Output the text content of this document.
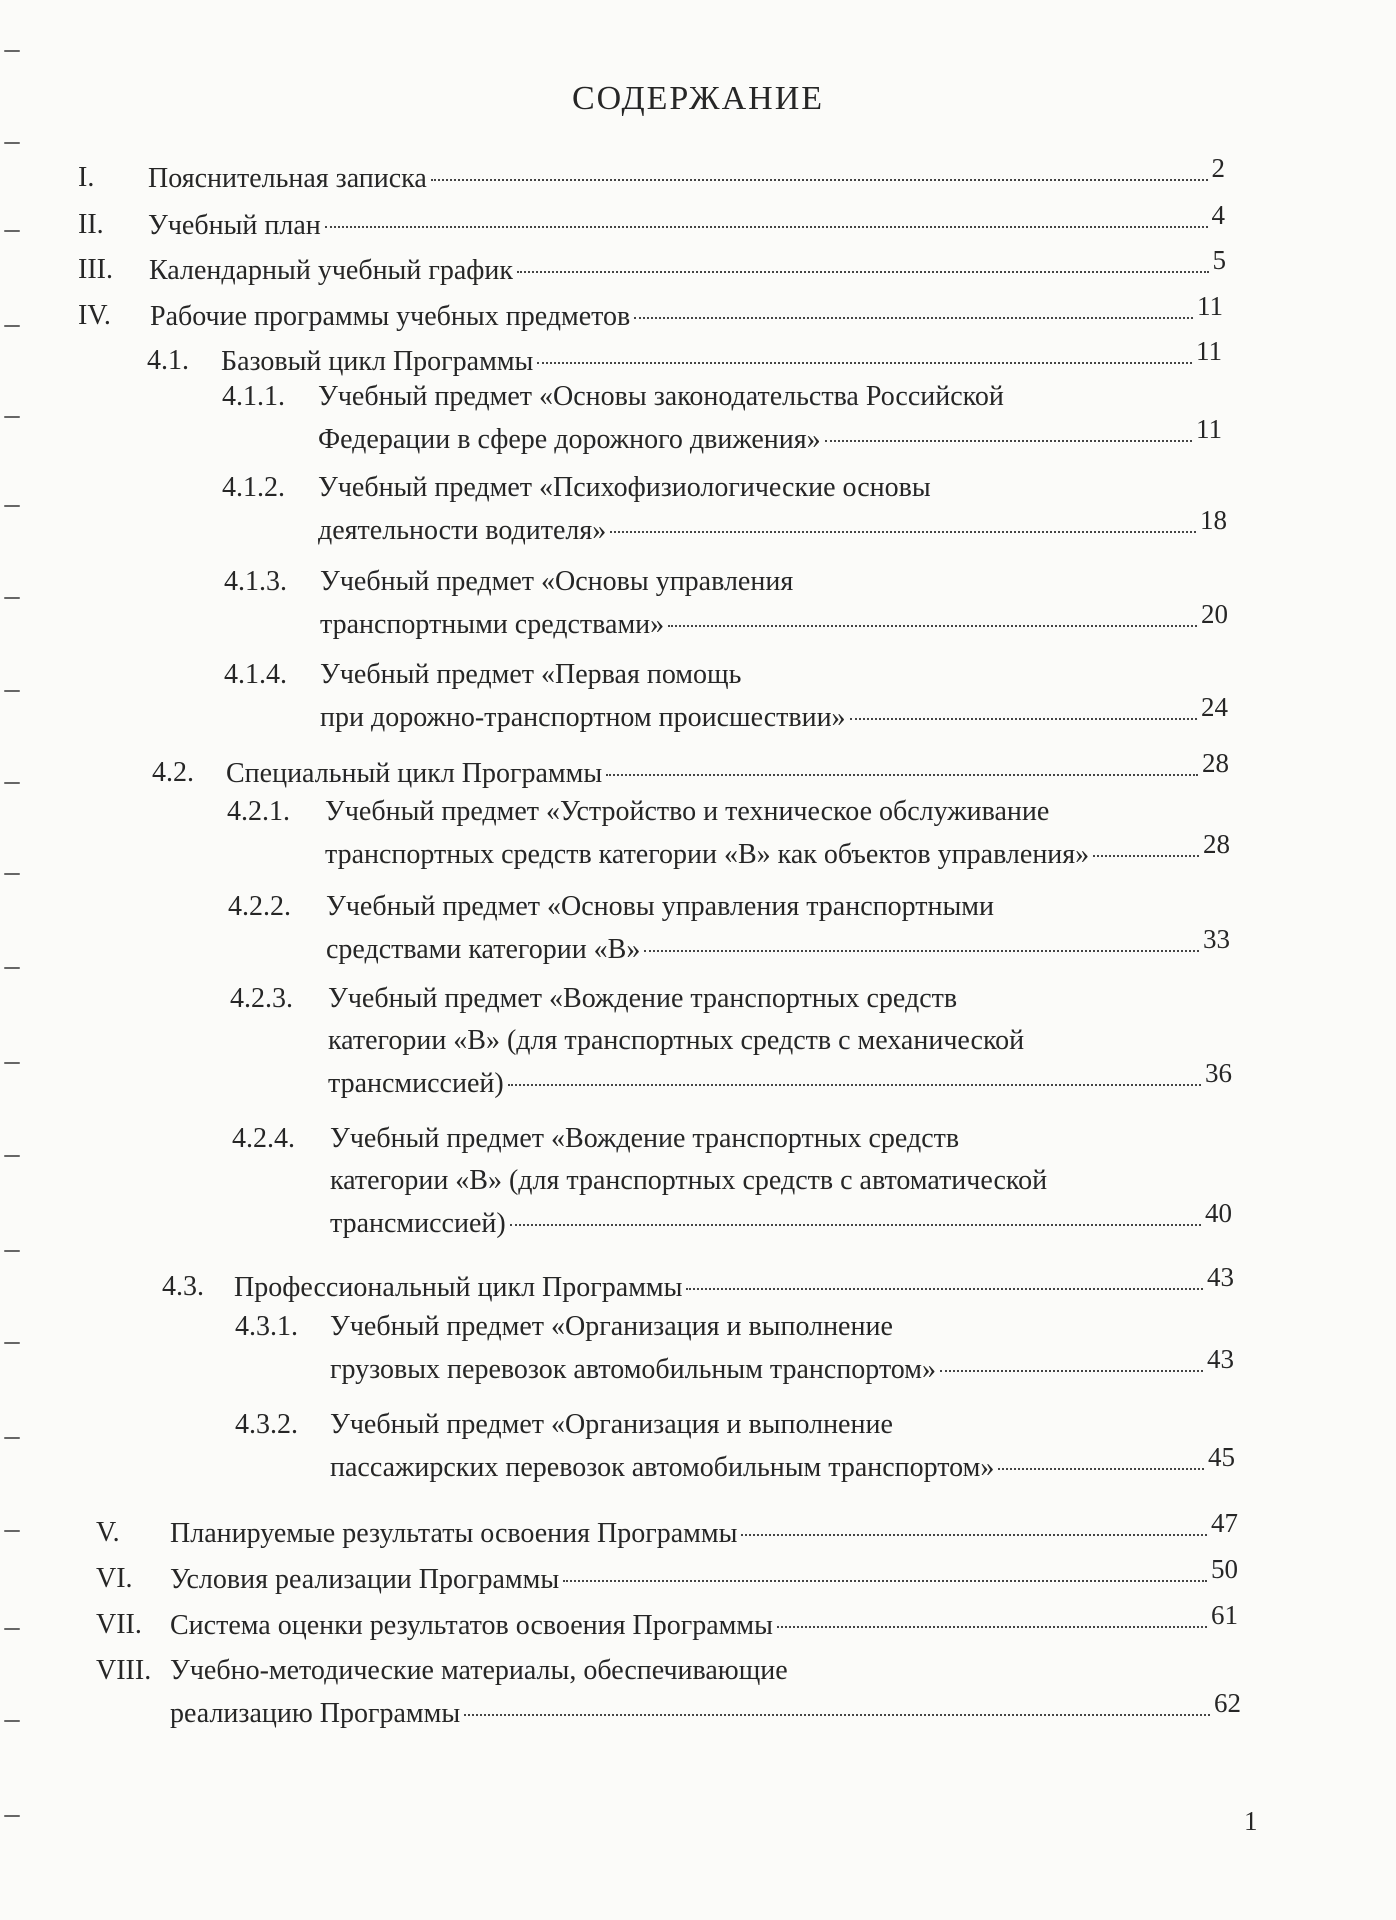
СОДЕРЖАНИЕ
I. Пояснительная записка	2
II. Учебный план	4
III. Календарный учебный график	5
IV. Рабочие программы учебных предметов	11
4.1. Базовый цикл Программы	11
4.1.1. Учебный предмет «Основы законодательства Российской
Федерации в сфере дорожного движения»	11
4.1.2. Учебный предмет «Психофизиологические основы
деятельности водителя»	18
4.1.3. Учебный предмет «Основы управления
транспортными средствами»	20
4.1.4. Учебный предмет «Первая помощь
при дорожно-транспортном происшествии»	24
4.2. Специальный цикл Программы	28
4.2.1. Учебный предмет «Устройство и техническое обслуживание
транспортных средств категории «В» как объектов управления»	28
4.2.2. Учебный предмет «Основы управления транспортными
средствами категории «В»	33
4.2.3. Учебный предмет «Вождение транспортных средств
категории «В» (для транспортных средств с механической
трансмиссией)	36
4.2.4. Учебный предмет «Вождение транспортных средств
категории «В» (для транспортных средств с автоматической
трансмиссией)	40
4.3. Профессиональный цикл Программы	43
4.3.1. Учебный предмет «Организация и выполнение
грузовых перевозок автомобильным транспортом»	43
4.3.2. Учебный предмет «Организация и выполнение
пассажирских перевозок автомобильным транспортом»	45
V. Планируемые результаты освоения Программы	47
VI. Условия реализации Программы	50
VII. Система оценки результатов освоения Программы	61
VIII. Учебно-методические материалы, обеспечивающие
реализацию Программы	62
1
